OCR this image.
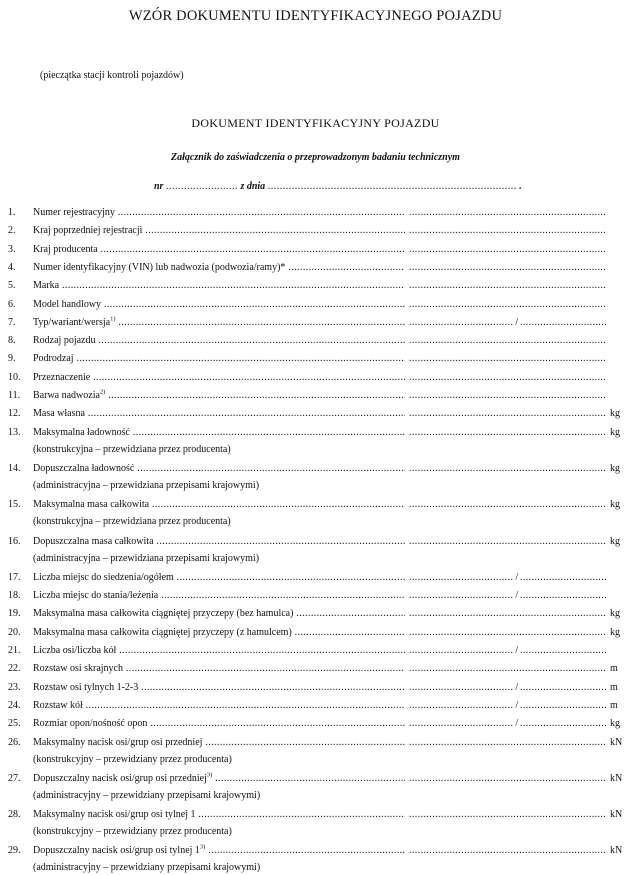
WZÓR DOKUMENTU IDENTYFIKACYJNEGO POJAZDU
(pieczątka stacji kontroli pojazdów)
DOKUMENT IDENTYFIKACYJNY POJAZDU
Załącznik do zaświadczenia o przeprowadzonym badaniu technicznym
nr ........................ z dnia ................................................................................... .
1. Numer rejestracyjny .....
.....
2. Kraj poprzedniej rejestracji .....
.....
3. Kraj producenta .....
.....
4. Numer identyfikacyjny (VIN) lub nadwozia (podwozia/ramy)* .....
.....
5. Marka .....
.....
6. Model handlowy .....
.....
7. Typ/wariant/wersja$^{1)}$ ..... .....	/.....
8. Rodzaj pojazdu .....
.....
9. Podrodzaj .....
.....
10. Przeznaczenie .....
.....
11. Barwa nadwozia$^{2)}$ .....
.....
12. Masa własna ..... .....	kg
13. Maksymalna ładowność ..... .....	kg
(konstrukcyjna – przewidziana przez producenta)
14. Dopuszczalna ładowność ..... .....	kg
(administracyjna – przewidziana przepisami krajowymi)
15. Maksymalna masa całkowita ..... .....	kg
(konstrukcyjna – przewidziana przez producenta)
16. Dopuszczalna masa całkowita ..... .....	kg
(administracyjna – przewidziana przepisami krajowymi)
17. Liczba miejsc do siedzenia/ogółem ..... .....	/.....
18. Liczba miejsc do stania/leżenia ..... .....	/.....
19. Maksymalna masa całkowita ciągniętej przyczepy (bez hamulca) ..... .....	kg
20. Maksymalna masa całkowita ciągniętej przyczepy (z hamulcem) ..... .....	kg
21. Liczba osi/liczba kół ..... .....	/.....
22. Rozstaw osi skrajnych ..... .....	m
23. Rozstaw osi tylnych 1-2-3 ..... .....	/ .....	m
24. Rozstaw kół ..... .....	/ .....	m
25. Rozmiar opon/nośność opon ..... .....	/ .....	kg
26. Maksymalny nacisk osi/grup osi przedniej ..... .....	kN
(konstrukcyjny – przewidziany przez producenta)
27. Dopuszczalny nacisk osi/grup osi przedniej$^{3)}$ ..... .....	kN
(administracyjny – przewidziany przepisami krajowymi)
28. Maksymalny nacisk osi/grup osi tylnej 1 ..... .....	kN
(konstrukcyjny – przewidziany przez producenta)
29. Dopuszczalny nacisk osi/grup osi tylnej 1$^{3)}$ ..... .....	kN
(administracyjny – przewidziany przepisami krajowymi)
